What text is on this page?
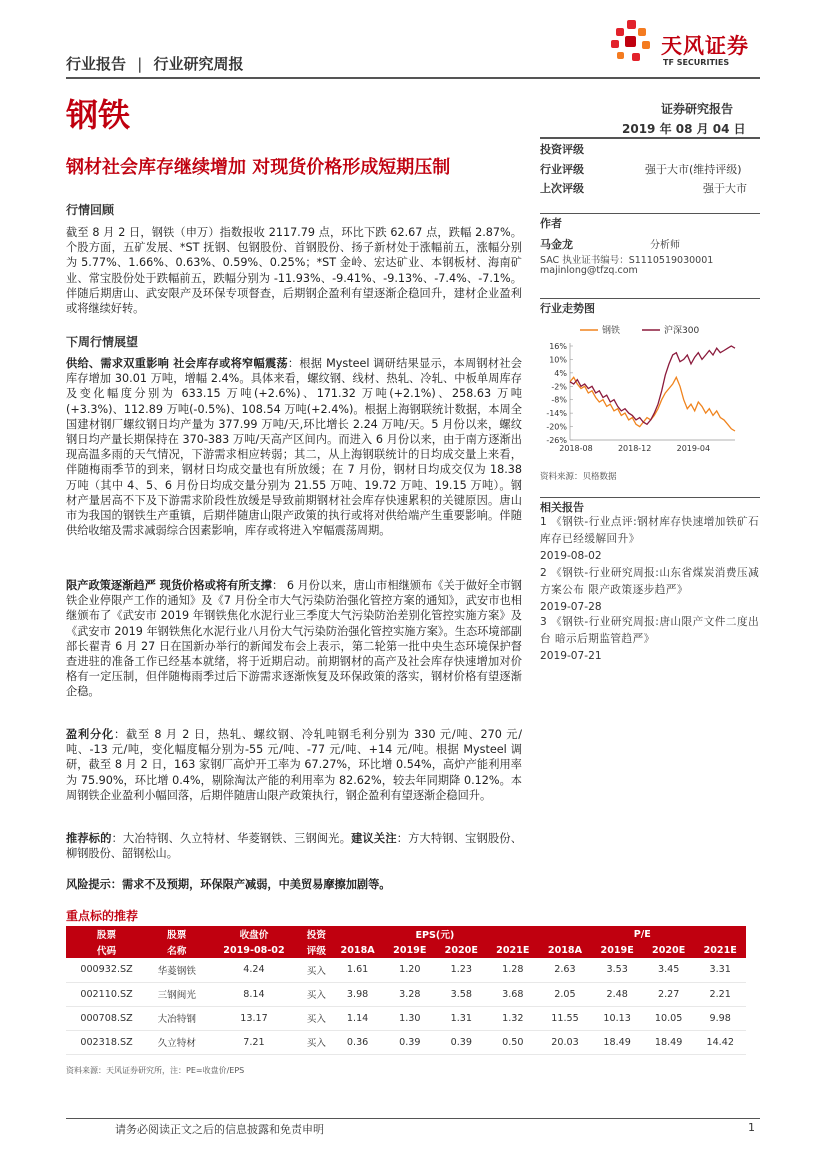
行业报告 | 行业研究周报
天风证券
TF SECURITIES
钢铁	证券研究报告
2019 年 08 月 04 日
钢材社会库存继续增加 对现货价格形成短期压制
行情回顾
截至 8 月 2 日，钢铁（申万）指数报收 2117.79 点，环比下跌 62.67 点，跌幅 2.87%。个股方面，五矿发展、*ST 抚钢、包钢股份、首钢股份、扬子新材处于涨幅前五，涨幅分别为 5.77%、1.66%、0.63%、0.59%、0.25%；*ST 金岭、宏达矿业、本钢板材、海南矿业、常宝股份处于跌幅前五，跌幅分别为 -11.93%、-9.41%、-9.13%、-7.4%、-7.1%。伴随后期唐山、武安限产及环保专项督查，后期钢企盈利有望逐渐企稳回升，建材企业盈利或将继续好转。
下周行情展望
供给、需求双重影响 社会库存或将窄幅震荡：根据 Mysteel 调研结果显示，本周钢材社会库存增加 30.01 万吨，增幅 2.4%。具体来看，螺纹钢、线材、热轧、冷轧、中板单周库存及变化幅度分别为 633.15 万吨(+2.6%)、171.32 万吨(+2.1%)、258.63 万吨(+3.3%)、112.89 万吨(-0.5%)、108.54 万吨(+2.4%)。根据上海钢联统计数据，本周全国建材钢厂螺纹钢日均产量为 377.99 万吨/天,环比增长 2.24 万吨/天。5 月份以来，螺纹钢日均产量长期保持在 370-383 万吨/天高产区间内。而进入 6 月份以来，由于南方逐渐出现高温多雨的天气情况，下游需求相应转弱；其二，从上海钢联统计的日均成交量上来看，伴随梅雨季节的到来，钢材日均成交量也有所放缓；在 7 月份，钢材日均成交仅为 18.38 万吨（其中 4、5、6 月份日均成交量分别为 21.55 万吨、19.72 万吨、19.15 万吨）。钢材产量居高不下及下游需求阶段性放缓是导致前期钢材社会库存快速累积的关键原因。唐山市为我国的钢铁生产重镇，后期伴随唐山限产政策的执行或将对供给端产生重要影响。伴随供给收缩及需求减弱综合因素影响，库存或将进入窄幅震荡周期。
限产政策逐渐趋严 现货价格或将有所支撑： 6 月份以来，唐山市相继颁布《关于做好全市钢铁企业停限产工作的通知》及《7 月份全市大气污染防治强化管控方案的通知》，武安市也相继颁布了《武安市 2019 年钢铁焦化水泥行业三季度大气污染防治差别化管控实施方案》及《武安市 2019 年钢铁焦化水泥行业八月份大气污染防治强化管控实施方案》。生态环境部副部长翟青 6 月 27 日在国新办举行的新闻发布会上表示，第二轮第一批中央生态环境保护督查进驻的准备工作已经基本就绪，将于近期启动。前期钢材的高产及社会库存快速增加对价格有一定压制，但伴随梅雨季过后下游需求逐渐恢复及环保政策的落实，钢材价格有望逐渐企稳。
盈利分化：截至 8 月 2 日，热轧、螺纹钢、冷轧吨钢毛利分别为 330 元/吨、270 元/吨、-13 元/吨，变化幅度幅分别为-55 元/吨、-77 元/吨、+14 元/吨。根据 Mysteel 调研，截至 8 月 2 日，163 家钢厂高炉开工率为 67.27%，环比增 0.54%，高炉产能利用率为 75.90%，环比增 0.4%，剔除淘汰产能的利用率为 82.62%，较去年同期降 0.12%。本周钢铁企业盈利小幅回落，后期伴随唐山限产政策执行，钢企盈利有望逐渐企稳回升。
推荐标的：大冶特钢、久立特材、华菱钢铁、三钢闽光。建议关注：方大特钢、宝钢股份、柳钢股份、韶钢松山。
风险提示：需求不及预期，环保限产减弱，中美贸易摩擦加剧等。
投资评级
行业评级	强于大市(维持评级)
上次评级	强于大市
作者
马金龙	分析师
SAC 执业证书编号：S1110519030001
majinlong@tfzq.com
行业走势图
钢铁	沪深300
16%
10%
4%
-2%
-8%
-14%
-20%
-26%
2018-08	2018-12	2019-04
资料来源：贝格数据
相关报告
1 《钢铁-行业点评:钢材库存快速增加铁矿石库存已经缓解回升》
2019-08-02
2 《钢铁-行业研究周报:山东省煤炭消费压减方案公布 限产政策逐步趋严》
2019-07-28
3 《钢铁-行业研究周报:唐山限产文件二度出台 暗示后期监管趋严》
2019-07-21
重点标的推荐
股票	股票	收盘价	投资	EPS(元)				P/E			
代码	名称	2019-08-02	评级	2018A	2019E	2020E	2021E	2018A	2019E	2020E	2021E
000932.SZ	华菱钢铁	4.24	买入	1.61	1.20	1.23	1.28	2.63	3.53	3.45	3.31
002110.SZ	三钢闽光	8.14	买入	3.98	3.28	3.58	3.68	2.05	2.48	2.27	2.21
000708.SZ	大冶特钢	13.17	买入	1.14	1.30	1.31	1.32	11.55	10.13	10.05	9.98
002318.SZ	久立特材	7.21	买入	0.36	0.39	0.39	0.50	20.03	18.49	18.49	14.42
资料来源：天风证券研究所，注：PE=收盘价/EPS
请务必阅读正文之后的信息披露和免责申明	1
